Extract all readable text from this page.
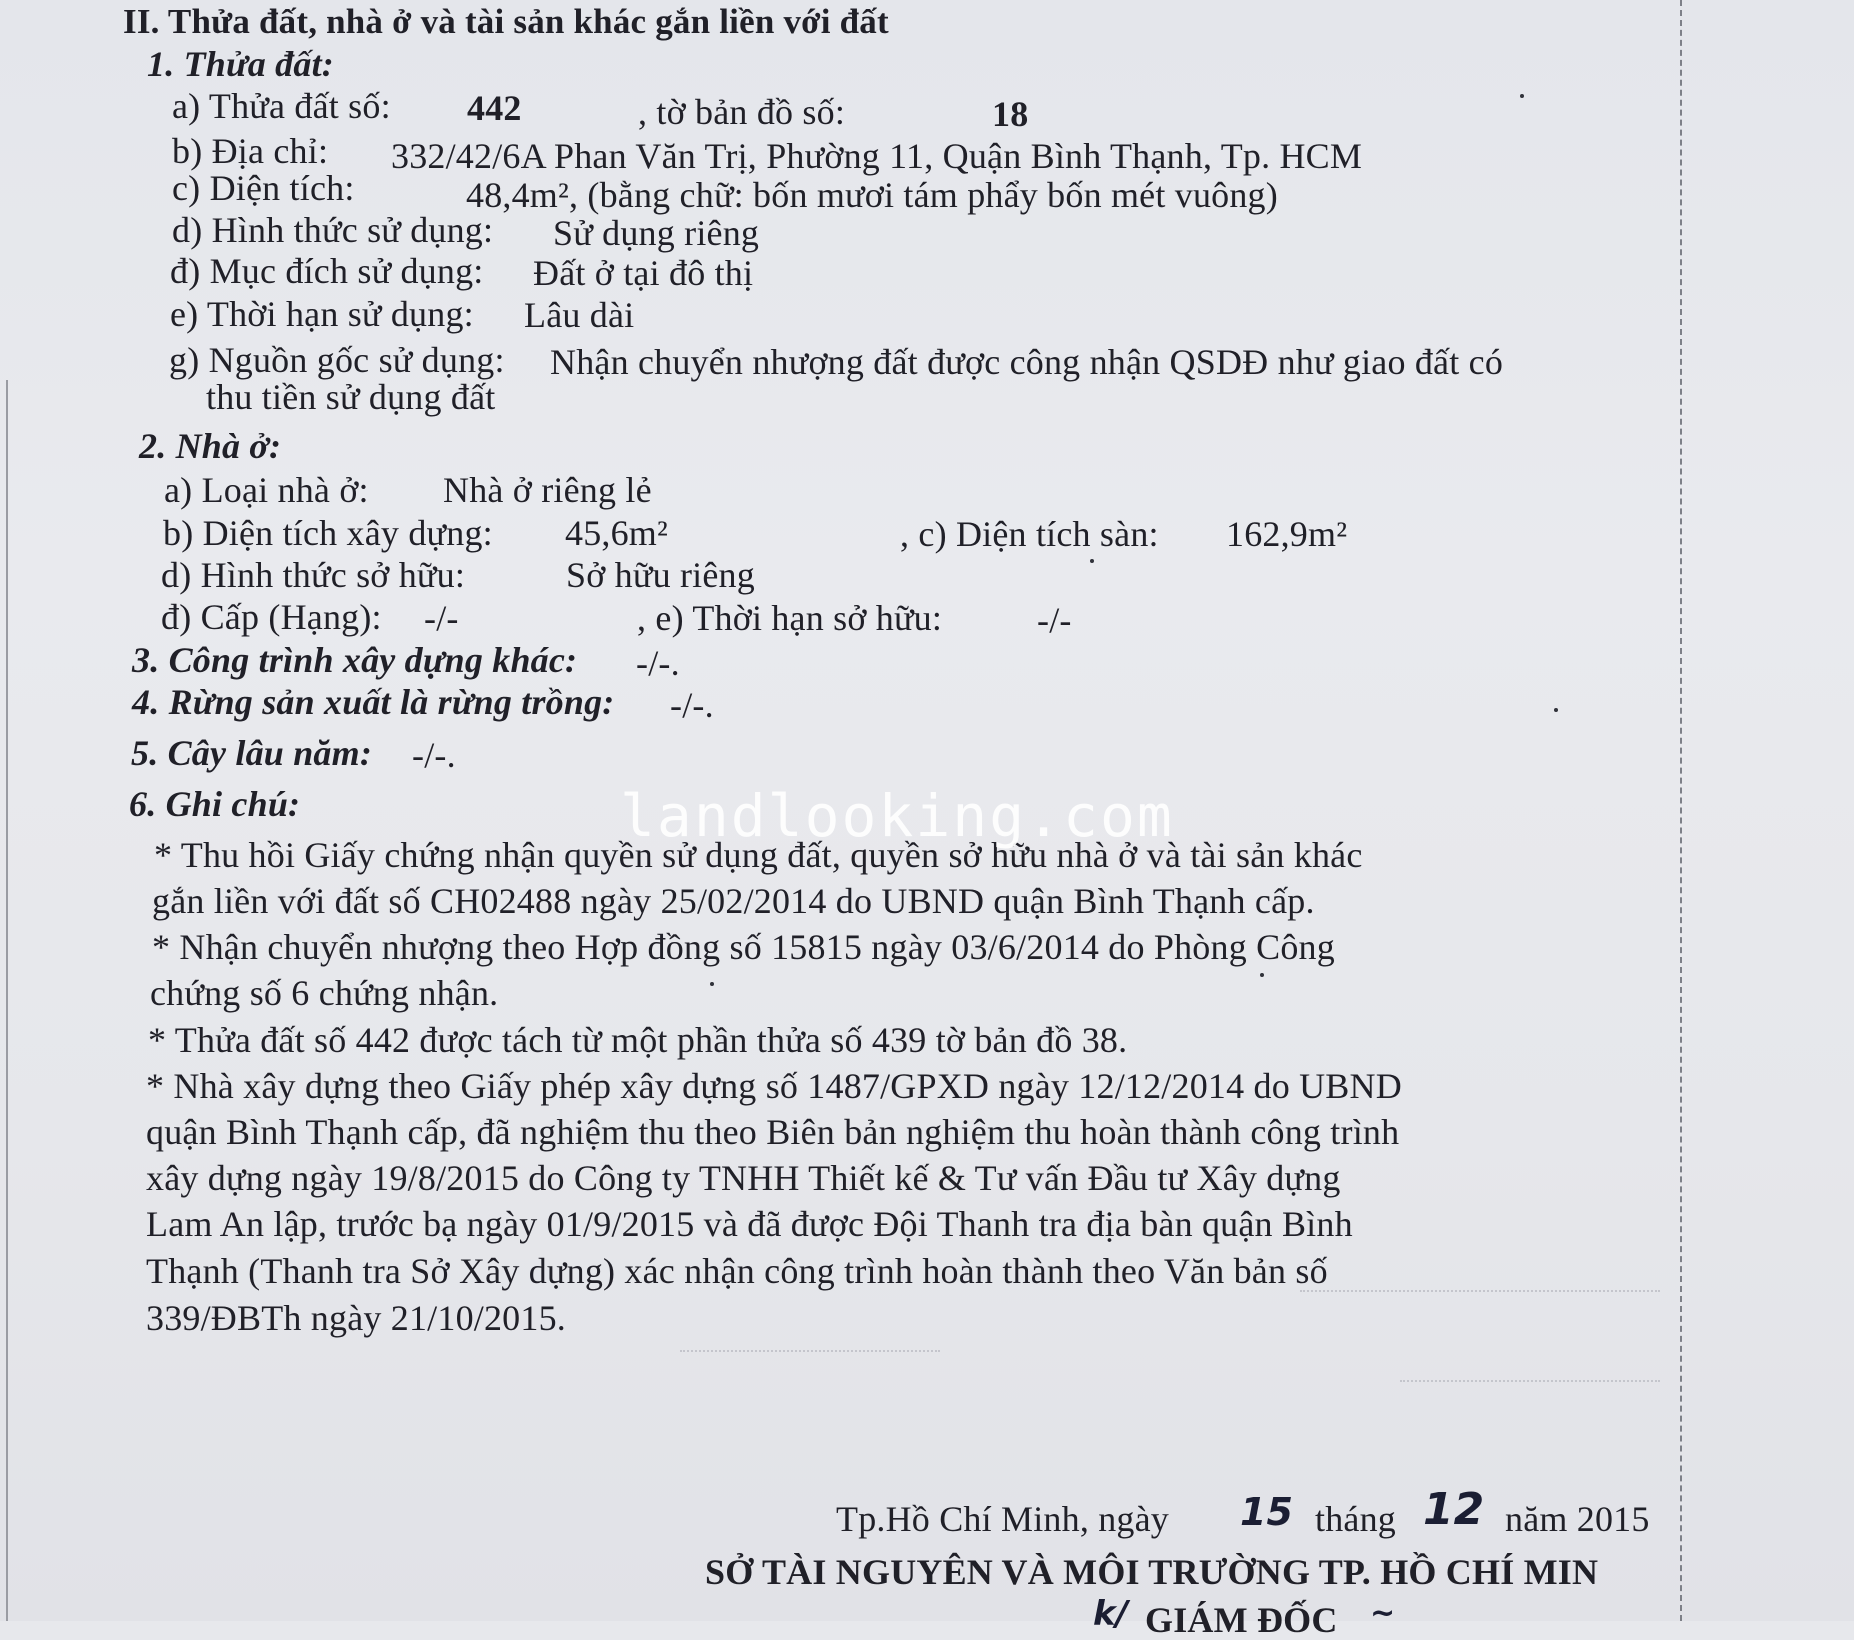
II. Thửa đất, nhà ở và tài sản khác gắn liền với đất
1. Thửa đất:
a) Thửa đất số: 442	, tờ bản đồ số:	18
b) Địa chỉ: 332/42/6A Phan Văn Trị, Phường 11, Quận Bình Thạnh, Tp. HCM
c) Diện tích:	48,4m², (bằng chữ: bốn mươi tám phẩy bốn mét vuông)
d) Hình thức sử dụng: Sử dụng riêng
đ) Mục đích sử dụng: Đất ở tại đô thị
e) Thời hạn sử dụng: Lâu dài
g) Nguồn gốc sử dụng: Nhận chuyển nhượng đất được công nhận QSDĐ như giao đất có
thu tiền sử dụng đất
2. Nhà ở:
a) Loại nhà ở: Nhà ở riêng lẻ
b) Diện tích xây dựng: 45,6m²	, c) Diện tích sàn: 162,9m²
d) Hình thức sở hữu:	Sở hữu riêng
đ) Cấp (Hạng): -/-	, e) Thời hạn sở hữu:	-/-
3. Công trình xây dựng khác: -/-.
4. Rừng sản xuất là rừng trồng: -/-.
5. Cây lâu năm: -/-.
6. Ghi chú:
* Thu hồi Giấy chứng nhận quyền sử dụng đất, quyền sở hữu nhà ở và tài sản khác
gắn liền với đất số CH02488 ngày 25/02/2014 do UBND quận Bình Thạnh cấp.
* Nhận chuyển nhượng theo Hợp đồng số 15815 ngày 03/6/2014 do Phòng Công
chứng số 6 chứng nhận.
* Thửa đất số 442 được tách từ một phần thửa số 439 tờ bản đồ 38.
* Nhà xây dựng theo Giấy phép xây dựng số 1487/GPXD ngày 12/12/2014 do UBND
quận Bình Thạnh cấp, đã nghiệm thu theo Biên bản nghiệm thu hoàn thành công trình
xây dựng ngày 19/8/2015 do Công ty TNHH Thiết kế & Tư vấn Đầu tư Xây dựng
Lam An lập, trước bạ ngày 01/9/2015 và đã được Đội Thanh tra địa bàn quận Bình
Thạnh (Thanh tra Sở Xây dựng) xác nhận công trình hoàn thành theo Văn bản số
339/ĐBTh ngày 21/10/2015.
landlooking.com
Tp.Hồ Chí Minh, ngày 15 tháng 12 năm 2015
SỞ TÀI NGUYÊN VÀ MÔI TRƯỜNG TP. HỒ CHÍ MIN
k/ GIÁM ĐỐC ~
